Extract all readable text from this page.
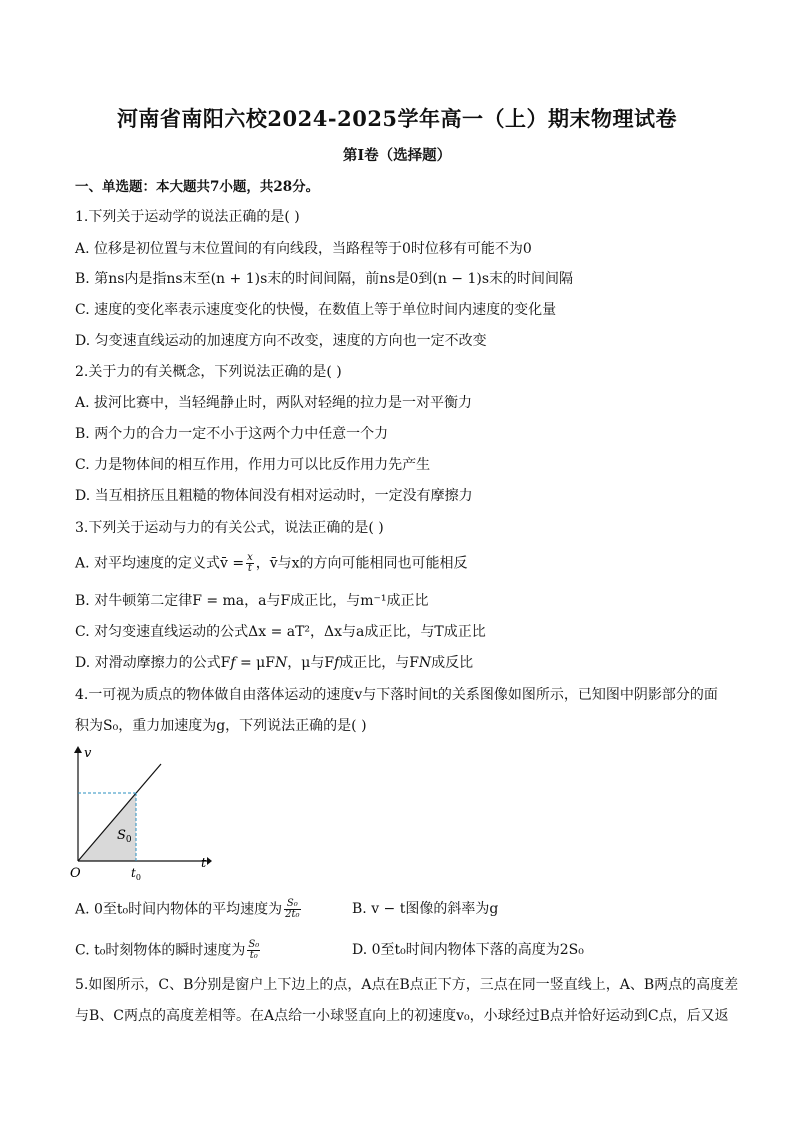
河南省南阳六校2024-2025学年高一（上）期末物理试卷
第I卷（选择题）
一、单选题：本大题共7小题，共28分。
1.下列关于运动学的说法正确的是( )
A. 位移是初位置与末位置间的有向线段，当路程等于0时位移有可能不为0
B. 第ns内是指ns末至(n + 1)s末的时间间隔，前ns是0到(n − 1)s末的时间间隔
C. 速度的变化率表示速度变化的快慢，在数值上等于单位时间内速度的变化量
D. 匀变速直线运动的加速度方向不改变，速度的方向也一定不改变
2.关于力的有关概念，下列说法正确的是( )
A. 拔河比赛中，当轻绳静止时，两队对轻绳的拉力是一对平衡力
B. 两个力的合力一定不小于这两个力中任意一个力
C. 力是物体间的相互作用，作用力可以比反作用力先产生
D. 当互相挤压且粗糙的物体间没有相对运动时，一定没有摩擦力
3.下列关于运动与力的有关公式，说法正确的是( )
A. 对平均速度的定义式v̄ = $\frac{x}{t}$ ，v̄与x的方向可能相同也可能相反
B. 对牛顿第二定律F = ma，a与F成正比，与m⁻¹成正比
C. 对匀变速直线运动的公式Δx = aT²，Δx与a成正比，与T成正比
D. 对滑动摩擦力的公式F𝑓 = μF𝑁，μ与F𝑓成正比，与F𝑁成反比
4.一可视为质点的物体做自由落体运动的速度v与下落时间t的关系图像如图所示，已知图中阴影部分的面
积为S₀，重力加速度为g，下列说法正确的是( )
v
t
O
$S_0$
$t_0$
A. 0至t₀时间内物体的平均速度为 $\frac{\text{S₀}}{\text{2t₀}}$	B. v − t图像的斜率为g
C. t₀时刻物体的瞬时速度为 $\frac{\text{S₀}}{\text{t₀}}$	D. 0至t₀时间内物体下落的高度为2S₀
5.如图所示，C、B分别是窗户上下边上的点，A点在B点正下方，三点在同一竖直线上，A、B两点的高度差
与B、C两点的高度差相等。在A点给一小球竖直向上的初速度v₀，小球经过B点并恰好运动到C点，后又返
